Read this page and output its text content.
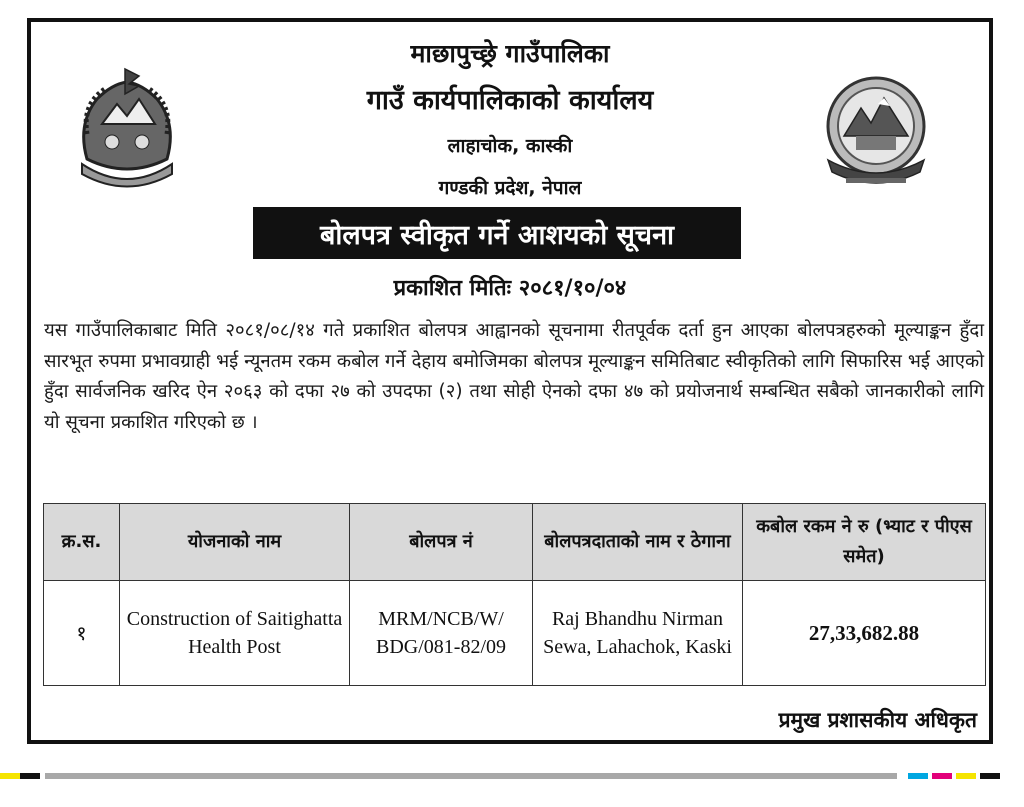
माछापुच्छ्रे गाउँपालिका
गाउँ कार्यपालिकाको कार्यालय
लाहाचोक, कास्की
गण्डकी प्रदेश, नेपाल
बोलपत्र स्वीकृत गर्ने आशयको सूचना
प्रकाशित मितिः २०८१/१०/०४
यस गाउँपालिकाबाट मिति २०८१/०८/१४ गते प्रकाशित बोलपत्र आह्वानको सूचनामा रीतपूर्वक दर्ता हुन आएका बोलपत्रहरुको मूल्याङ्कन हुँदा सारभूत रुपमा प्रभावग्राही भई न्यूनतम रकम कबोल गर्ने देहाय बमोजिमका बोलपत्र मूल्याङ्कन समितिबाट स्वीकृतिको लागि सिफारिस भई आएको हुँदा सार्वजनिक खरिद ऐन २०६३ को दफा २७ को उपदफा (२) तथा सोही ऐनको दफा ४७ को प्रयोजनार्थ सम्बन्धित सबैको जानकारीको लागि यो सूचना प्रकाशित गरिएको छ ।
क्र.स.	योजनाको नाम	बोलपत्र नं	बोलपत्रदाताको नाम र ठेगाना	कबोल रकम ने रु (भ्याट र पीएस समेत)
१	Construction of Saitighatta Health Post	MRM/NCB/W/ BDG/081-82/09	Raj Bhandhu Nirman Sewa, Lahachok, Kaski	27,33,682.88
प्रमुख प्रशासकीय अधिकृत
